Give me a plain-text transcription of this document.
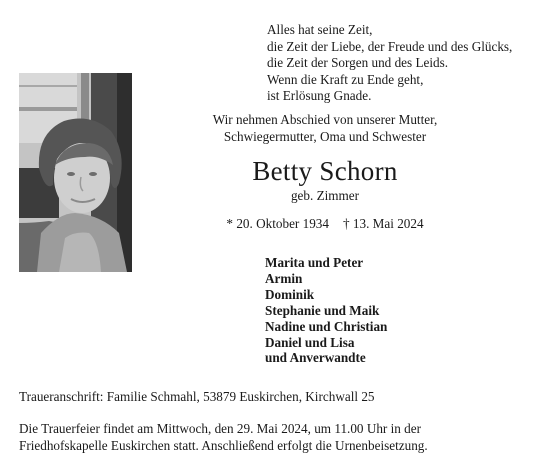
Alles hat seine Zeit,
die Zeit der Liebe, der Freude und des Glücks,
die Zeit der Sorgen und des Leids.
Wenn die Kraft zu Ende geht,
ist Erlösung Gnade.
Wir nehmen Abschied von unserer Mutter,
Schwiegermutter, Oma und Schwester
Betty Schorn
geb. Zimmer
* 20. Oktober 1934 † 13. Mai 2024
Marita und Peter
Armin
Dominik
Stephanie und Maik
Nadine und Christian
Daniel und Lisa
und Anverwandte
Traueranschrift: Familie Schmahl, 53879 Euskirchen, Kirchwall 25
Die Trauerfeier findet am Mittwoch, den 29. Mai 2024, um 11.00 Uhr in der
Friedhofskapelle Euskirchen statt. Anschließend erfolgt die Urnenbeisetzung.
